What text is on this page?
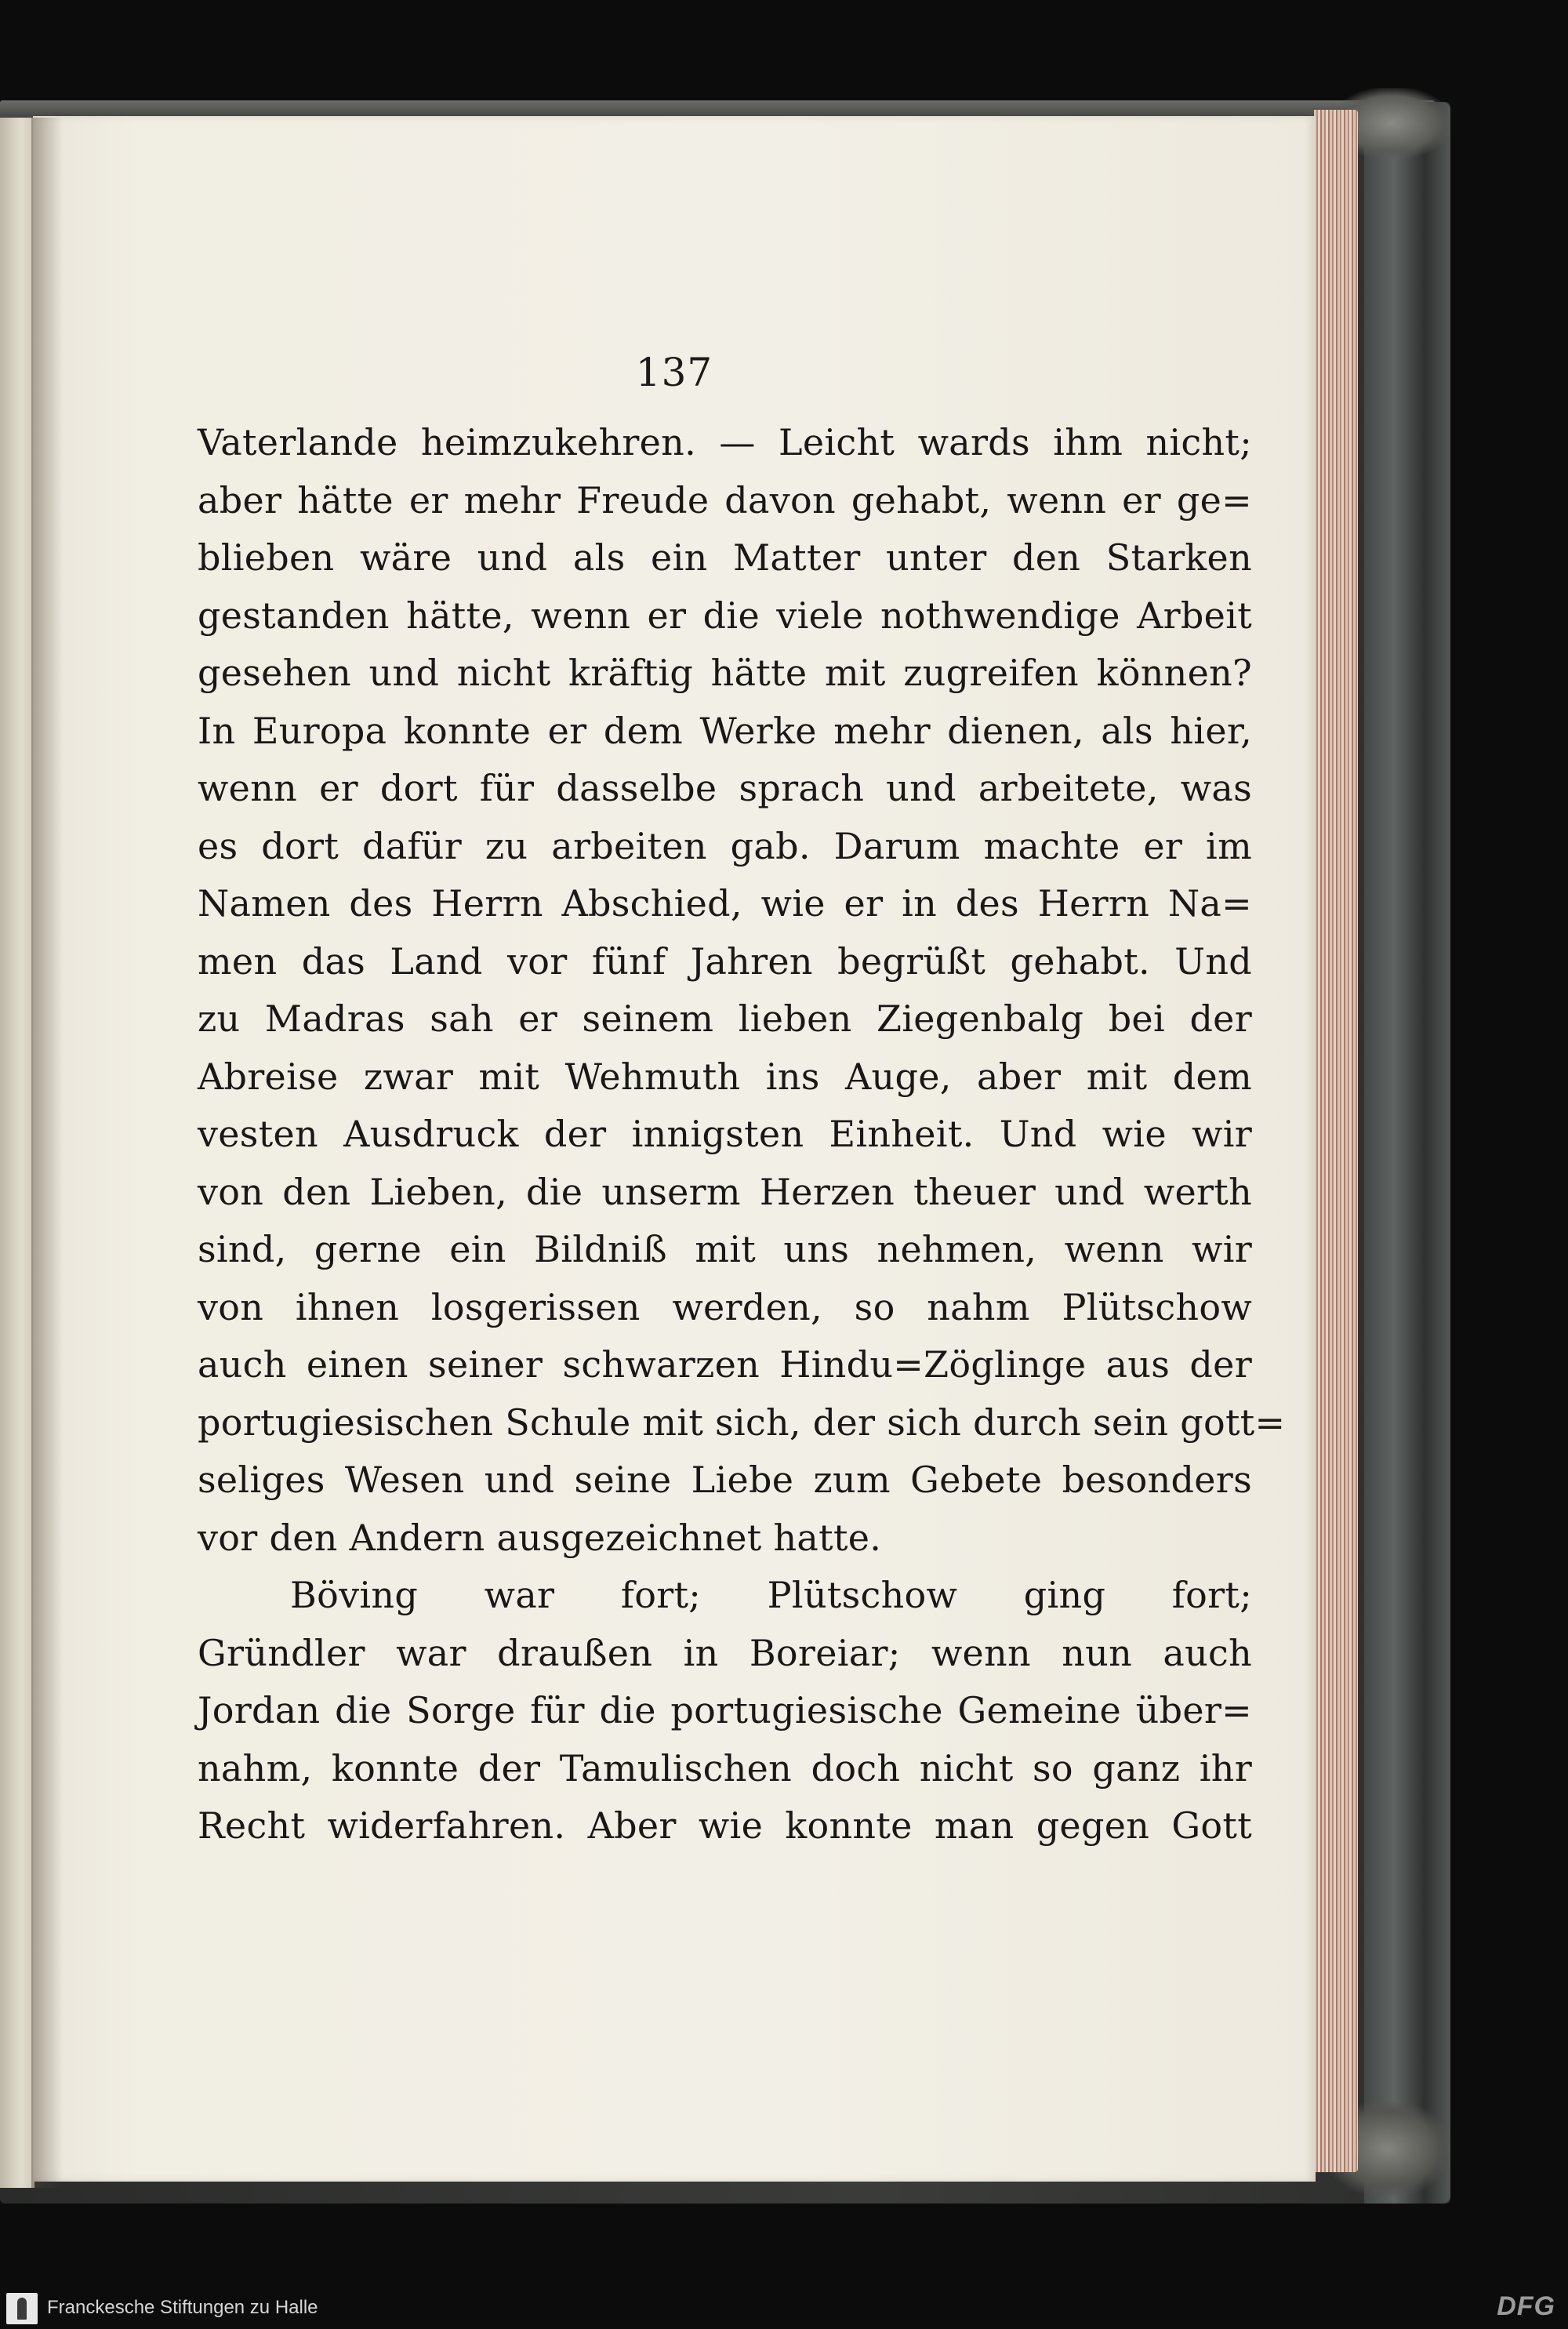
137
Vaterlande heimzukehren. — Leicht wards ihm nicht;
aber hätte er mehr Freude davon gehabt, wenn er ge=
blieben wäre und als ein Matter unter den Starken
gestanden hätte, wenn er die viele nothwendige Arbeit
gesehen und nicht kräftig hätte mit zugreifen können?
In Europa konnte er dem Werke mehr dienen, als hier,
wenn er dort für dasselbe sprach und arbeitete, was
es dort dafür zu arbeiten gab. Darum machte er im
Namen des Herrn Abschied, wie er in des Herrn Na=
men das Land vor fünf Jahren begrüßt gehabt. Und
zu Madras sah er seinem lieben Ziegenbalg bei der
Abreise zwar mit Wehmuth ins Auge, aber mit dem
vesten Ausdruck der innigsten Einheit. Und wie wir
von den Lieben, die unserm Herzen theuer und werth
sind, gerne ein Bildniß mit uns nehmen, wenn wir
von ihnen losgerissen werden, so nahm Plütschow
auch einen seiner schwarzen Hindu=Zöglinge aus der
portugiesischen Schule mit sich, der sich durch sein gott=
seliges Wesen und seine Liebe zum Gebete besonders
vor den Andern ausgezeichnet hatte.
Böving war fort; Plütschow ging fort;
Gründler war draußen in Boreiar; wenn nun auch
Jordan die Sorge für die portugiesische Gemeine über=
nahm, konnte der Tamulischen doch nicht so ganz ihr
Recht widerfahren. Aber wie konnte man gegen Gott
Franckesche Stiftungen zu Halle	DFG
